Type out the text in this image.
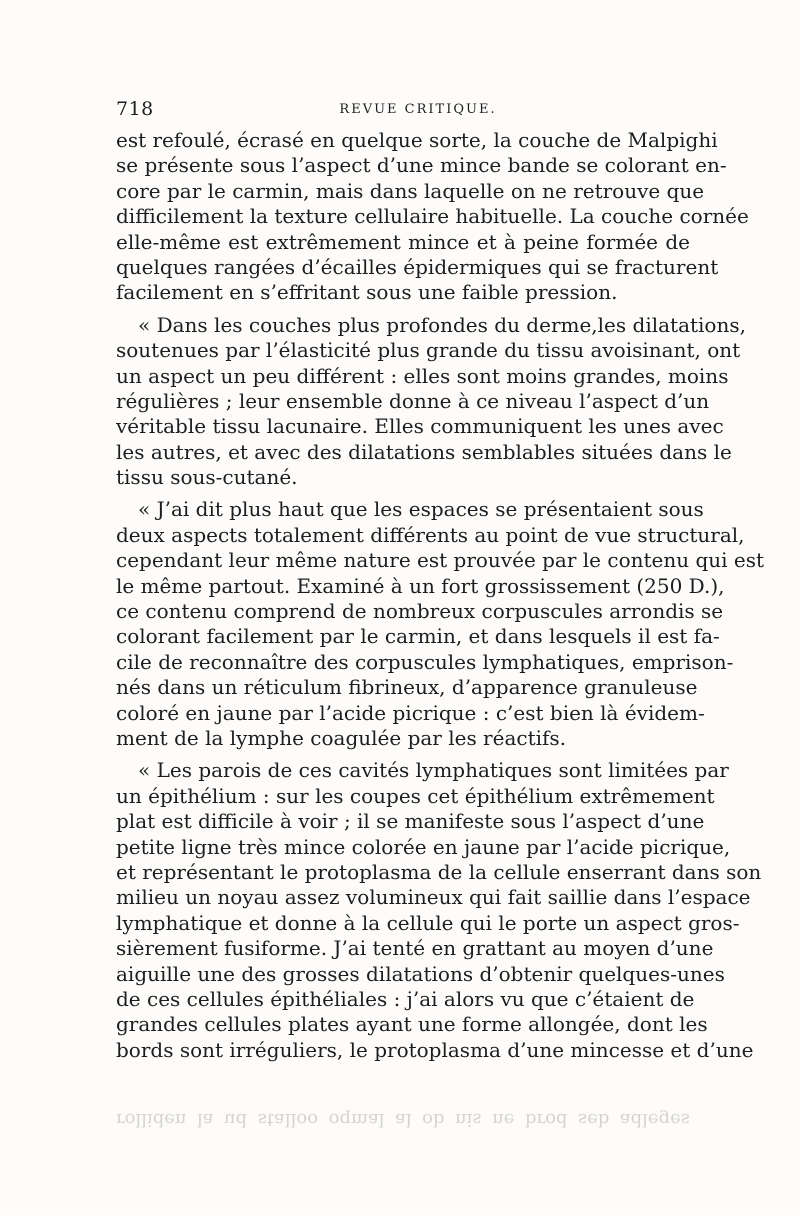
718	REVUE CRITIQUE.
est refoulé, écrasé en quelque sorte, la couche de Malpighi
se présente sous l’aspect d’une mince bande se colorant en-
core par le carmin, mais dans laquelle on ne retrouve que
difficilement la texture cellulaire habituelle. La couche cornée
elle-même est extrêmement mince et à peine formée de
quelques rangées d’écailles épidermiques qui se fracturent
facilement en s’effritant sous une faible pression.
« Dans les couches plus profondes du derme,les dilatations,
soutenues par l’élasticité plus grande du tissu avoisinant, ont
un aspect un peu différent : elles sont moins grandes, moins
régulières ; leur ensemble donne à ce niveau l’aspect d’un
véritable tissu lacunaire. Elles communiquent les unes avec
les autres, et avec des dilatations semblables situées dans le
tissu sous-cutané.
« J’ai dit plus haut que les espaces se présentaient sous
deux aspects totalement différents au point de vue structural,
cependant leur même nature est prouvée par le contenu qui est
le même partout. Examiné à un fort grossissement (250 D.),
ce contenu comprend de nombreux corpuscules arrondis se
colorant facilement par le carmin, et dans lesquels il est fa-
cile de reconnaître des corpuscules lymphatiques, emprison-
nés dans un réticulum fibrineux, d’apparence granuleuse
coloré en jaune par l’acide picrique : c’est bien là évidem-
ment de la lymphe coagulée par les réactifs.
« Les parois de ces cavités lymphatiques sont limitées par
un épithélium : sur les coupes cet épithélium extrêmement
plat est difficile à voir ; il se manifeste sous l’aspect d’une
petite ligne très mince colorée en jaune par l’acide picrique,
et représentant le protoplasma de la cellule enserrant dans son
milieu un noyau assez volumineux qui fait saillie dans l’espace
lymphatique et donne à la cellule qui le porte un aspect gros-
sièrement fusiforme. J’ai tenté en grattant au moyen d’une
aiguille une des grosses dilatations d’obtenir quelques-unes
de ces cellules épithéliales : j’ai alors vu que c’étaient de
grandes cellules plates ayant une forme allongée, dont les
bords sont irréguliers, le protoplasma d’une mincesse et d’une
rolliden la ud stalloo oqmal al ob nis ne brod seb adleges
